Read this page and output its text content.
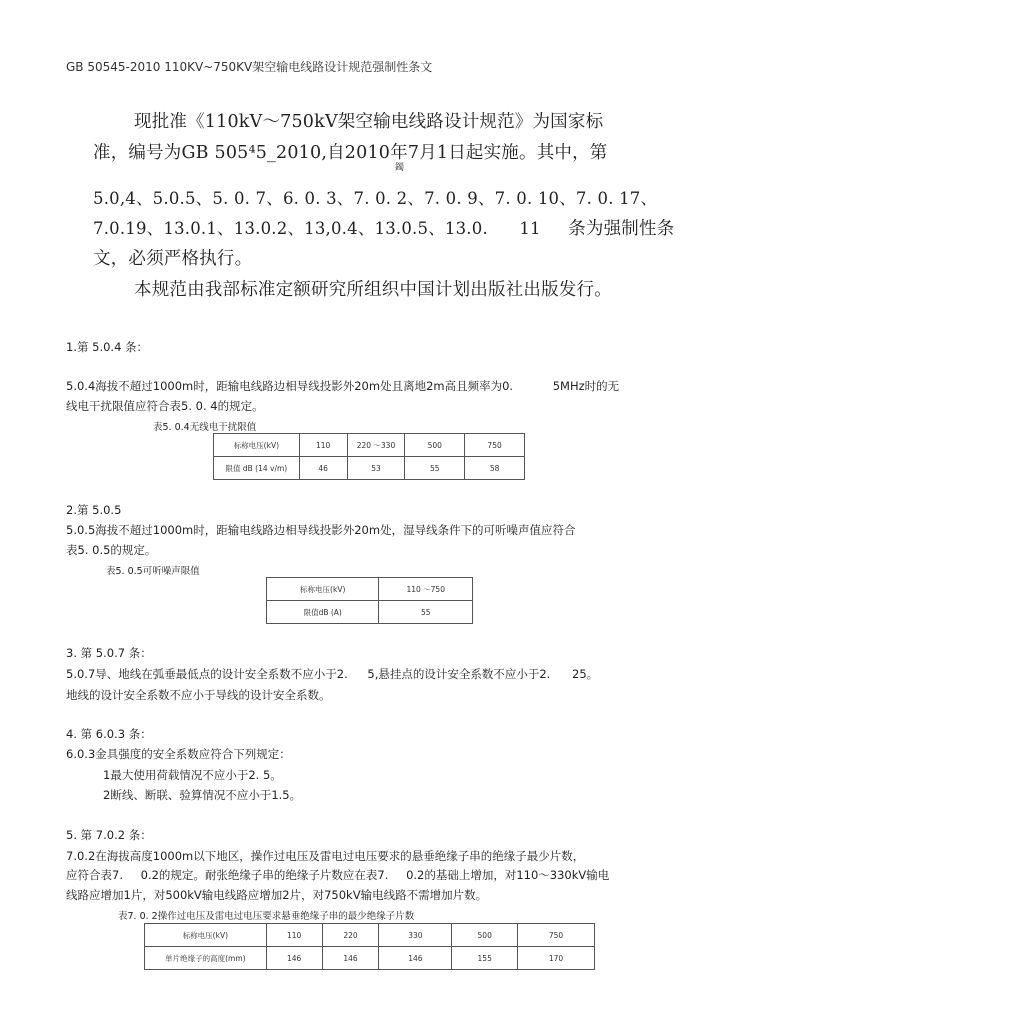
GB 50545-2010 110KV~750KV架空输电线路设计规范强制性条文
现批准《110kV～750kV架空输电线路设计规范》为国家标
准，编号为GB 505⁴5_2010,自2010年7月1日起实施。其中，第
鐲
5.0,4、5.0.5、5. 0. 7、6. 0. 3、7. 0. 2、7. 0. 9、7. 0. 10、7. 0. 17、
7.0.19、13.0.1、13.0.2、13,0.4、13.0.5、13.0. 11 条为强制性条
文，必须严格执行。
本规范由我部标准定额研究所组织中国计划出版社出版发行。
1.第 5.0.4 条：
5.0.4海拔不超过1000m时，距输电线路边相导线投影外20m处且离地2m高且频率为0.	5MHz时的无
线电干扰限值应符合表5. 0. 4的规定。
表5. 0.4无线电干扰限值
标称电压(kV)	110	220 ～330	500	750
限值 dB (14 v/m)	46	53	55	58
2.第 5.0.5
5.0.5海拔不超过1000m时，距输电线路边相导线投影外20m处，湿导线条件下的可听噪声值应符合
表5. 0.5的规定。
表5. 0.5可听噪声限值
标称电压(kV)	110 ～750
限值dB (A)	55
3. 第 5.0.7 条：
5.0.7导、地线在弧垂最低点的设计安全系数不应小于2. 5,悬挂点的设计安全系数不应小于2. 25。
地线的设计安全系数不应小于导线的设计安全系数。
4. 第 6.0.3 条：
6.0.3金具强度的安全系数应符合下列规定：
1最大使用荷载情况不应小于2. 5。
2断线、断联、验算情况不应小于1.5。
5. 第 7.0.2 条：
7.0.2在海拔高度1000m以下地区，操作过电压及雷电过电压要求的悬垂绝缘子串的绝缘子最少片数，
应符合表7. 0.2的规定。耐张绝缘子串的绝缘子片数应在表7. 0.2的基础上增加，对110～330kV输电
线路应增加1片，对500kV输电线路应增加2片，对750kV输电线路不需增加片数。
表7. 0. 2操作过电压及雷电过电压要求悬垂绝缘子串的最少绝缘子片数
标称电压(kV)	110	220	330	500	750
单片绝缘子的高度(mm)	146	146	146	155	170
